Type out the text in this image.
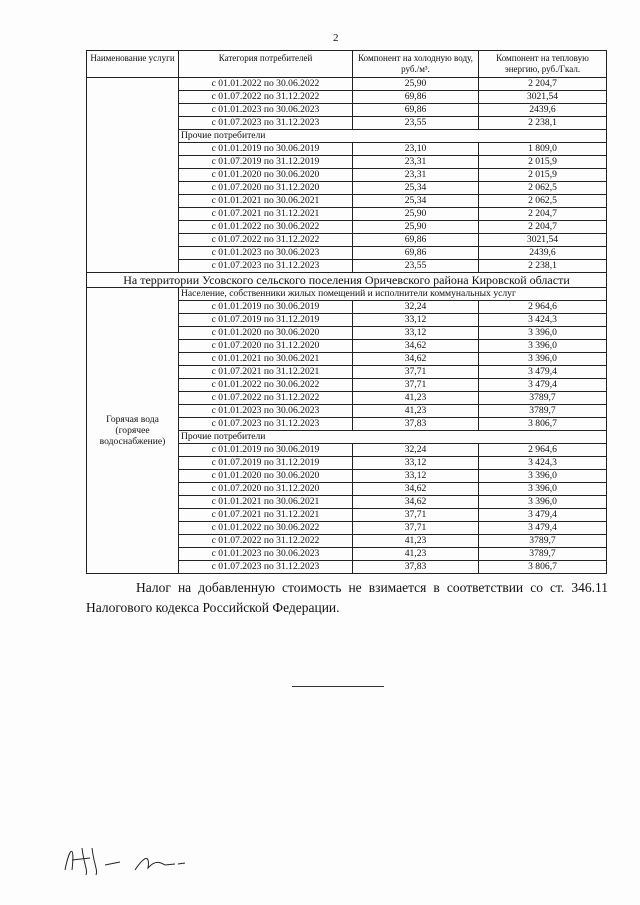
2
Наименование услуги	Категория потребителей	Компонент на холодную воду, руб./м³.	Компонент на тепловую энергию, руб./Гкал.
	с 01.01.2022 по 30.06.2022	25,90	2 204,7
	с 01.07.2022 по 31.12.2022	69,86	3021,54
	с 01.01.2023 по 30.06.2023	69,86	2439,6
	с 01.07.2023 по 31.12.2023	23,55	2 238,1
	Прочие потребители		
	с 01.01.2019 по 30.06.2019	23,10	1 809,0
	с 01.07.2019 по 31.12.2019	23,31	2 015,9
	с 01.01.2020 по 30.06.2020	23,31	2 015,9
	с 01.07.2020 по 31.12.2020	25,34	2 062,5
	с 01.01.2021 по 30.06.2021	25,34	2 062,5
	с 01.07.2021 по 31.12.2021	25,90	2 204,7
	с 01.01.2022 по 30.06.2022	25,90	2 204,7
	с 01.07.2022 по 31.12.2022	69,86	3021,54
	с 01.01.2023 по 30.06.2023	69,86	2439,6
	с 01.07.2023 по 31.12.2023	23,55	2 238,1
На территории Усовского сельского поселения Оричевского района Кировской области			
Горячая вода (горячее водоснабжение)	Население, собственники жилых помещений и исполнители коммунальных услуг		
	с 01.01.2019 по 30.06.2019	32,24	2 964,6
	с 01.07.2019 по 31.12.2019	33,12	3 424,3
	с 01.01.2020 по 30.06.2020	33,12	3 396,0
	с 01.07.2020 по 31.12.2020	34,62	3 396,0
	с 01.01.2021 по 30.06.2021	34,62	3 396,0
	с 01.07.2021 по 31.12.2021	37,71	3 479,4
	с 01.01.2022 по 30.06.2022	37,71	3 479,4
	с 01.07.2022 по 31.12.2022	41,23	3789,7
	с 01.01.2023 по 30.06.2023	41,23	3789,7
	с 01.07.2023 по 31.12.2023	37,83	3 806,7
	Прочие потребители		
	с 01.01.2019 по 30.06.2019	32,24	2 964,6
	с 01.07.2019 по 31.12.2019	33,12	3 424,3
	с 01.01.2020 по 30.06.2020	33,12	3 396,0
	с 01.07.2020 по 31.12.2020	34,62	3 396,0
	с 01.01.2021 по 30.06.2021	34,62	3 396,0
	с 01.07.2021 по 31.12.2021	37,71	3 479,4
	с 01.01.2022 по 30.06.2022	37,71	3 479,4
	с 01.07.2022 по 31.12.2022	41,23	3789,7
	с 01.01.2023 по 30.06.2023	41,23	3789,7
	с 01.07.2023 по 31.12.2023	37,83	3 806,7
Налог на добавленную стоимость не взимается в соответствии со ст. 346.11 Налогового кодекса Российской Федерации.
